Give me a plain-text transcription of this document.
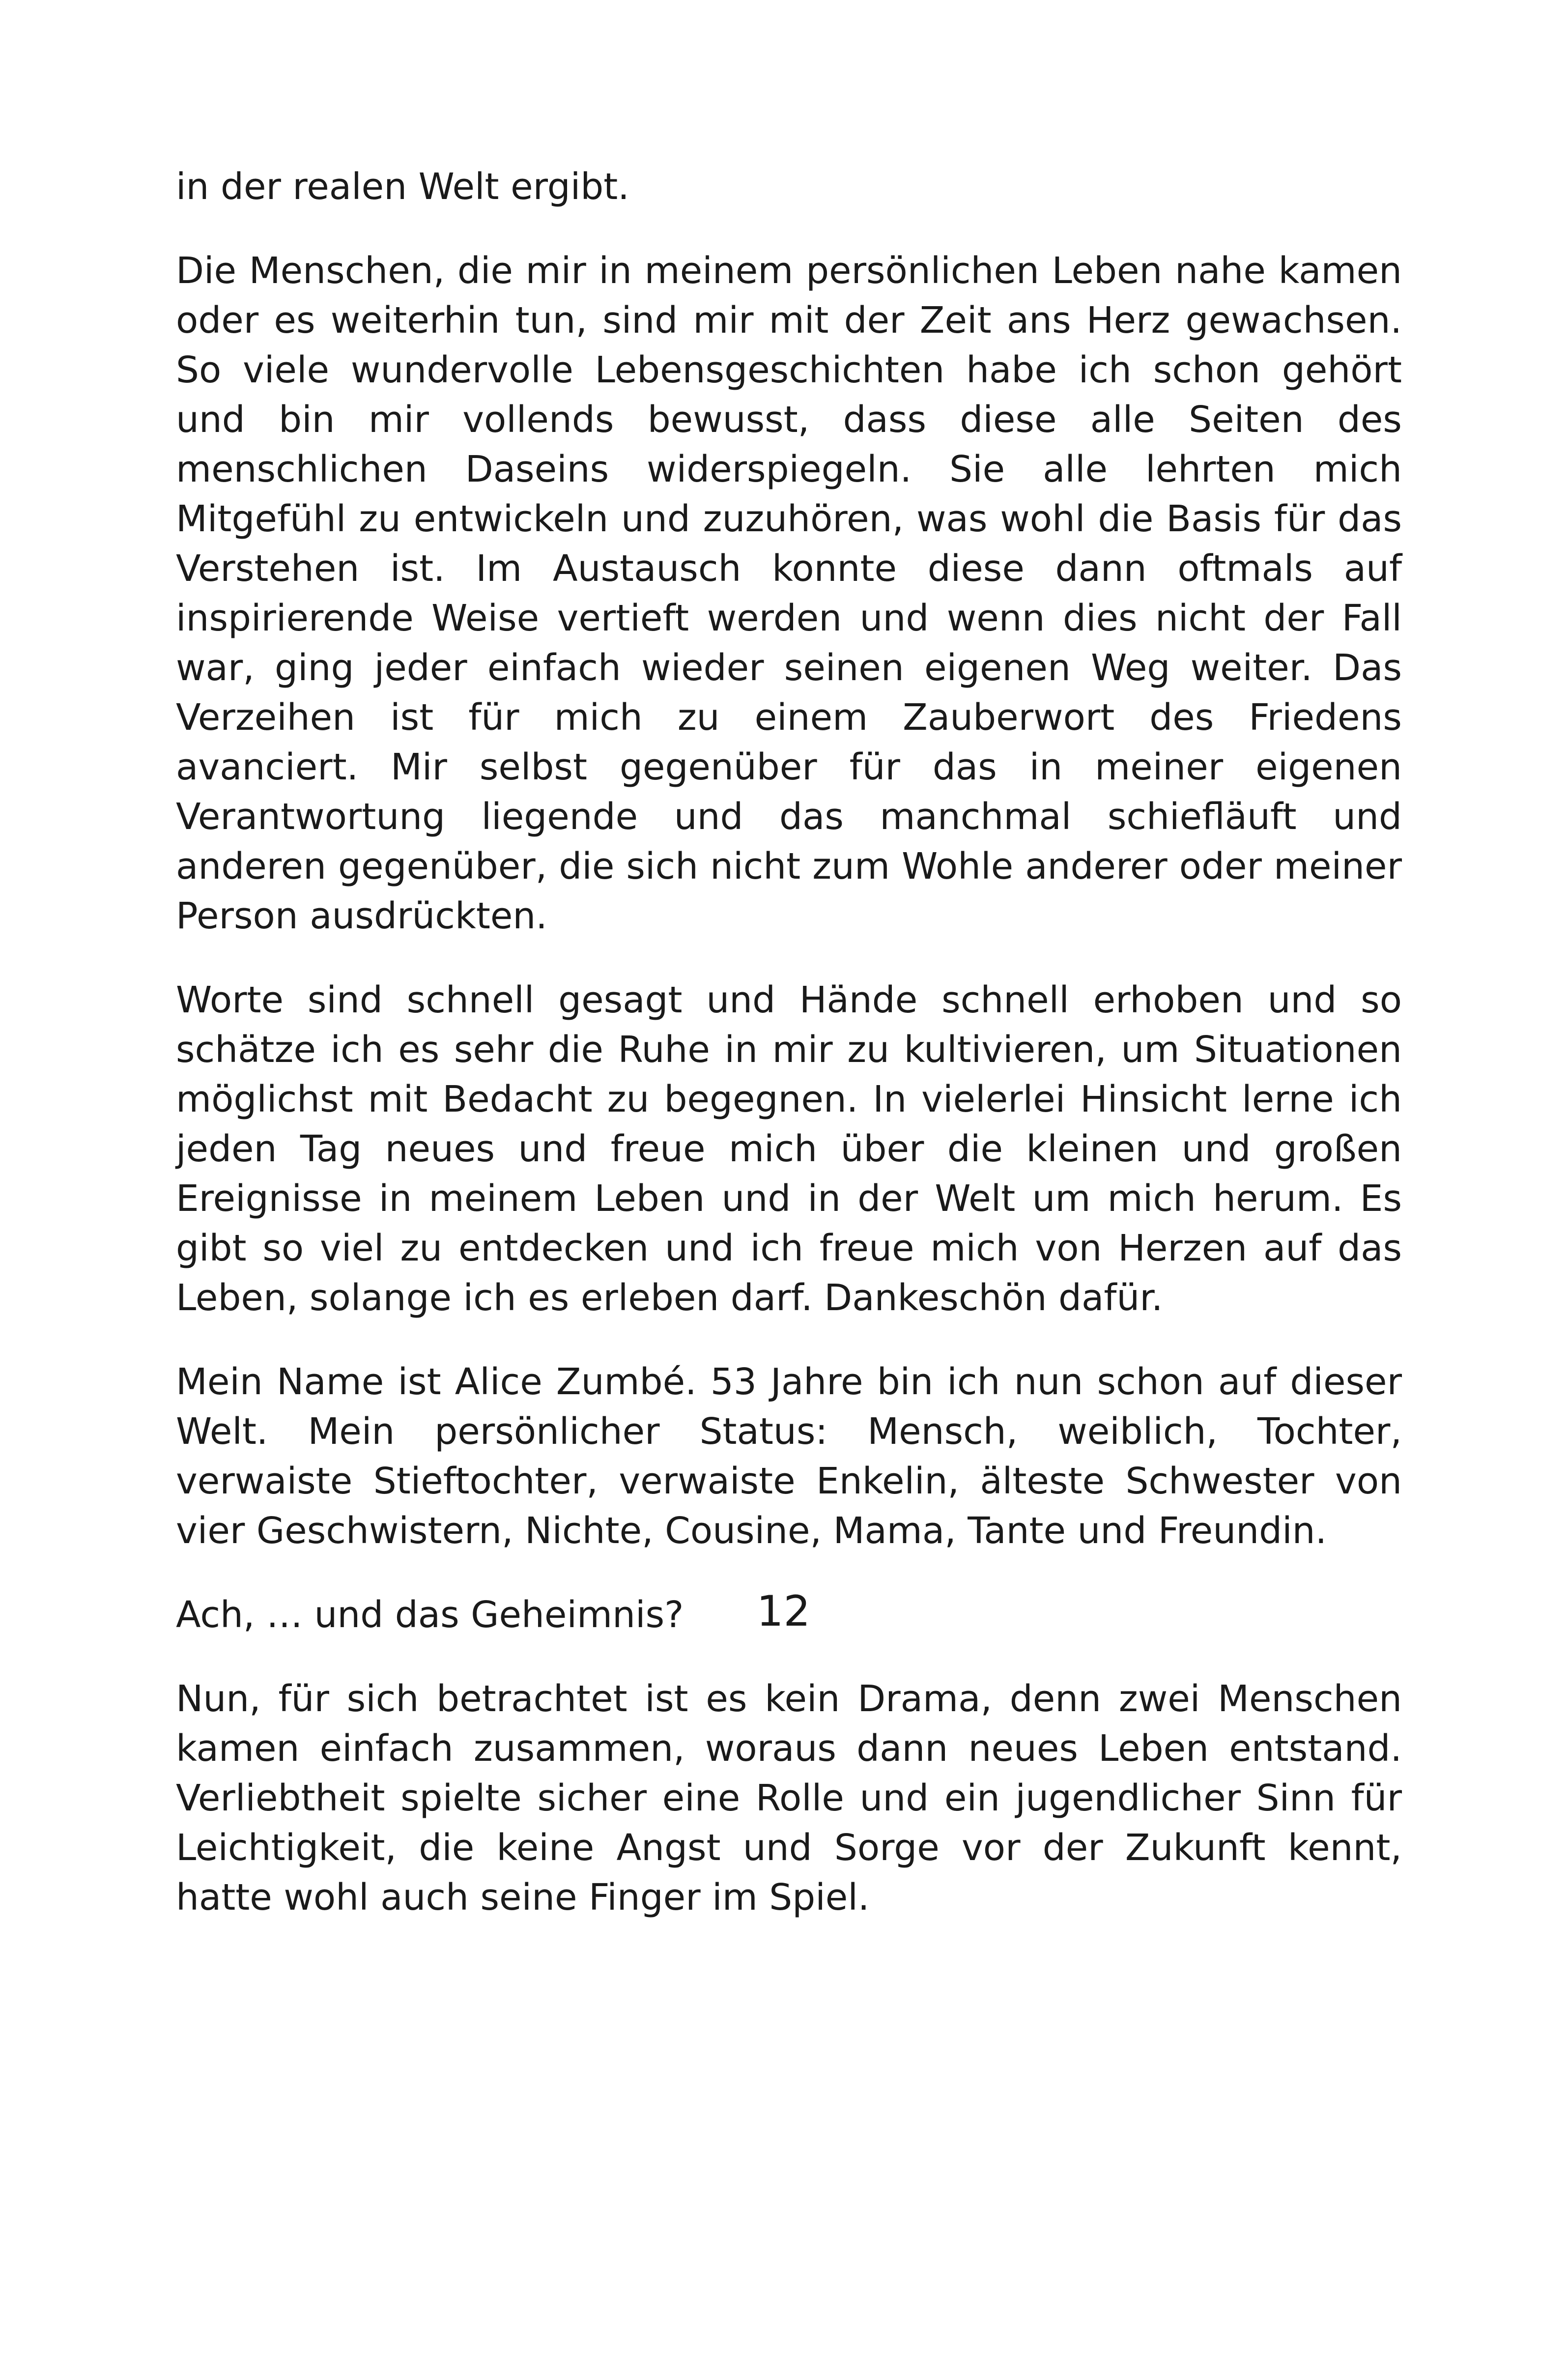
in der realen Welt ergibt.

Die Menschen, die mir in meinem persönlichen Leben nahe kamen oder es weiterhin tun, sind mir mit der Zeit ans Herz gewachsen. So viele wundervolle Lebensgeschichten habe ich schon gehört und bin mir vollends bewusst, dass diese alle Seiten des menschlichen Daseins widerspiegeln. Sie alle lehrten mich Mitgefühl zu entwickeln und zuzuhören, was wohl die Basis für das Verstehen ist. Im Austausch konnte diese dann oftmals auf inspirierende Weise vertieft werden und wenn dies nicht der Fall war, ging jeder einfach wieder seinen eigenen Weg weiter. Das Verzeihen ist für mich zu einem Zauberwort des Friedens avanciert. Mir selbst gegenüber für das in meiner eigenen Verantwortung liegende und das manchmal schiefläuft und anderen gegenüber, die sich nicht zum Wohle anderer oder meiner Person ausdrückten.

Worte sind schnell gesagt und Hände schnell erhoben und so schätze ich es sehr die Ruhe in mir zu kultivieren, um Situationen möglichst mit Bedacht zu begegnen. In vielerlei Hinsicht lerne ich jeden Tag neues und freue mich über die kleinen und großen Ereignisse in meinem Leben und in der Welt um mich herum. Es gibt so viel zu entdecken und ich freue mich von Herzen auf das Leben, solange ich es erleben darf. Dankeschön dafür.

Mein Name ist Alice Zumbé. 53 Jahre bin ich nun schon auf dieser Welt. Mein persönlicher Status: Mensch, weiblich, Tochter, verwaiste Stieftochter, verwaiste Enkelin, älteste Schwester von vier Geschwistern, Nichte, Cousine, Mama, Tante und Freundin.

Ach, … und das Geheimnis?

Nun, für sich betrachtet ist es kein Drama, denn zwei Menschen kamen einfach zusammen, woraus dann neues Leben entstand. Verliebtheit spielte sicher eine Rolle und ein jugendlicher Sinn für Leichtigkeit, die keine Angst und Sorge vor der Zukunft kennt, hatte wohl auch seine Finger im Spiel.

12
